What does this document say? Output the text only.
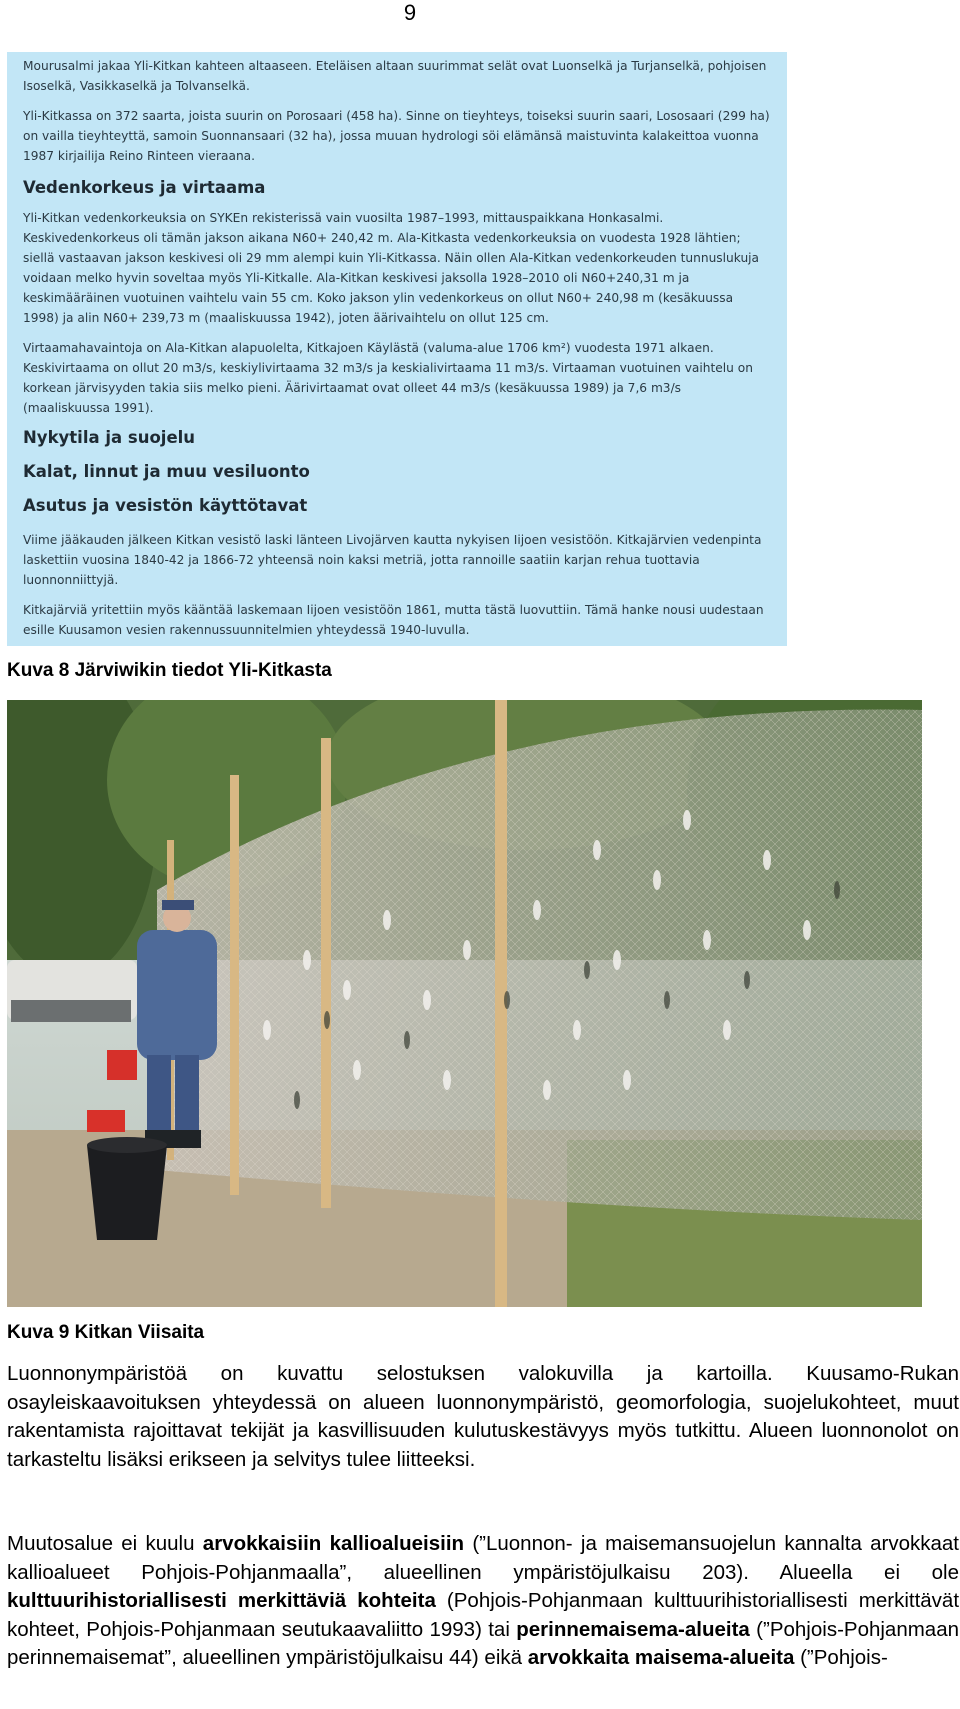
9

Mourusalmi jakaa Yli-Kitkan kahteen altaaseen. Eteläisen altaan suurimmat selät ovat Luonselkä ja Turjanselkä, pohjoisen Isoselkä, Vasikkaselkä ja Tolvanselkä.

Yli-Kitkassa on 372 saarta, joista suurin on Porosaari (458 ha). Sinne on tieyhteys, toiseksi suurin saari, Lososaari (299 ha) on vailla tieyhteyttä, samoin Suonnansaari (32 ha), jossa muuan hydrologi söi elämänsä maistuvinta kalakeittoa vuonna 1987 kirjailija Reino Rinteen vieraana.

Vedenkorkeus ja virtaama

Yli-Kitkan vedenkorkeuksia on SYKEn rekisterissä vain vuosilta 1987–1993, mittauspaikkana Honkasalmi. Keskivedenkorkeus oli tämän jakson aikana N60+ 240,42 m. Ala-Kitkasta vedenkorkeuksia on vuodesta 1928 lähtien; siellä vastaavan jakson keskivesi oli 29 mm alempi kuin Yli-Kitkassa. Näin ollen Ala-Kitkan vedenkorkeuden tunnuslukuja voidaan melko hyvin soveltaa myös Yli-Kitkalle. Ala-Kitkan keskivesi jaksolla 1928–2010 oli N60+240,31 m ja keskimääräinen vuotuinen vaihtelu vain 55 cm. Koko jakson ylin vedenkorkeus on ollut N60+ 240,98 m (kesäkuussa 1998) ja alin N60+ 239,73 m (maaliskuussa 1942), joten äärivaihtelu on ollut 125 cm.

Virtaamahavaintoja on Ala-Kitkan alapuolelta, Kitkajoen Käylästä (valuma-alue 1706 km²) vuodesta 1971 alkaen. Keskivirtaama on ollut 20 m3/s, keskiylivirtaama 32 m3/s ja keskialivirtaama 11 m3/s. Virtaaman vuotuinen vaihtelu on korkean järvisyyden takia siis melko pieni. Äärivirtaamat ovat olleet 44 m3/s (kesäkuussa 1989) ja 7,6 m3/s (maaliskuussa 1991).

Nykytila ja suojelu
Kalat, linnut ja muu vesiluonto
Asutus ja vesistön käyttötavat

Viime jääkauden jälkeen Kitkan vesistö laski länteen Livojärven kautta nykyisen Iijoen vesistöön. Kitkajärvien vedenpinta laskettiin vuosina 1840-42 ja 1866-72 yhteensä noin kaksi metriä, jotta rannoille saatiin karjan rehua tuottavia luonnonniittyjä.

Kitkajärviä yritettiin myös kääntää laskemaan Iijoen vesistöön 1861, mutta tästä luovuttiin. Tämä hanke nousi uudestaan esille Kuusamon vesien rakennussuunnitelmien yhteydessä 1940-luvulla.

Kuva 8 Järviwikin tiedot Yli-Kitkasta
Kuva 9 Kitkan Viisaita
Luonnonympäristöä on kuvattu selostuksen valokuvilla ja kartoilla. Kuusamo-Rukan osayleiskaavoituksen yhteydessä on alueen luonnonympäristö, geomorfologia, suojelukohteet, muut rakentamista rajoittavat tekijät ja kasvillisuuden kulutuskestävyys myös tutkittu. Alueen luonnonolot on tarkasteltu lisäksi erikseen ja selvitys tulee liitteeksi.
Muutosalue ei kuulu arvokkaisiin kallioalueisiin (”Luonnon- ja maisemansuojelun kannalta arvokkaat kallioalueet Pohjois-Pohjanmaalla”, alueellinen ympäristöjulkaisu 203). Alueella ei ole kulttuurihistoriallisesti merkittäviä kohteita (Pohjois-Pohjanmaan kulttuurihistoriallisesti merkittävät kohteet, Pohjois-Pohjanmaan seutukaavaliitto 1993) tai perinnemaisema-alueita (”Pohjois-Pohjanmaan perinnemaisemat”, alueellinen ympäristöjulkaisu 44) eikä arvokkaita maisema-alueita (”Pohjois-
